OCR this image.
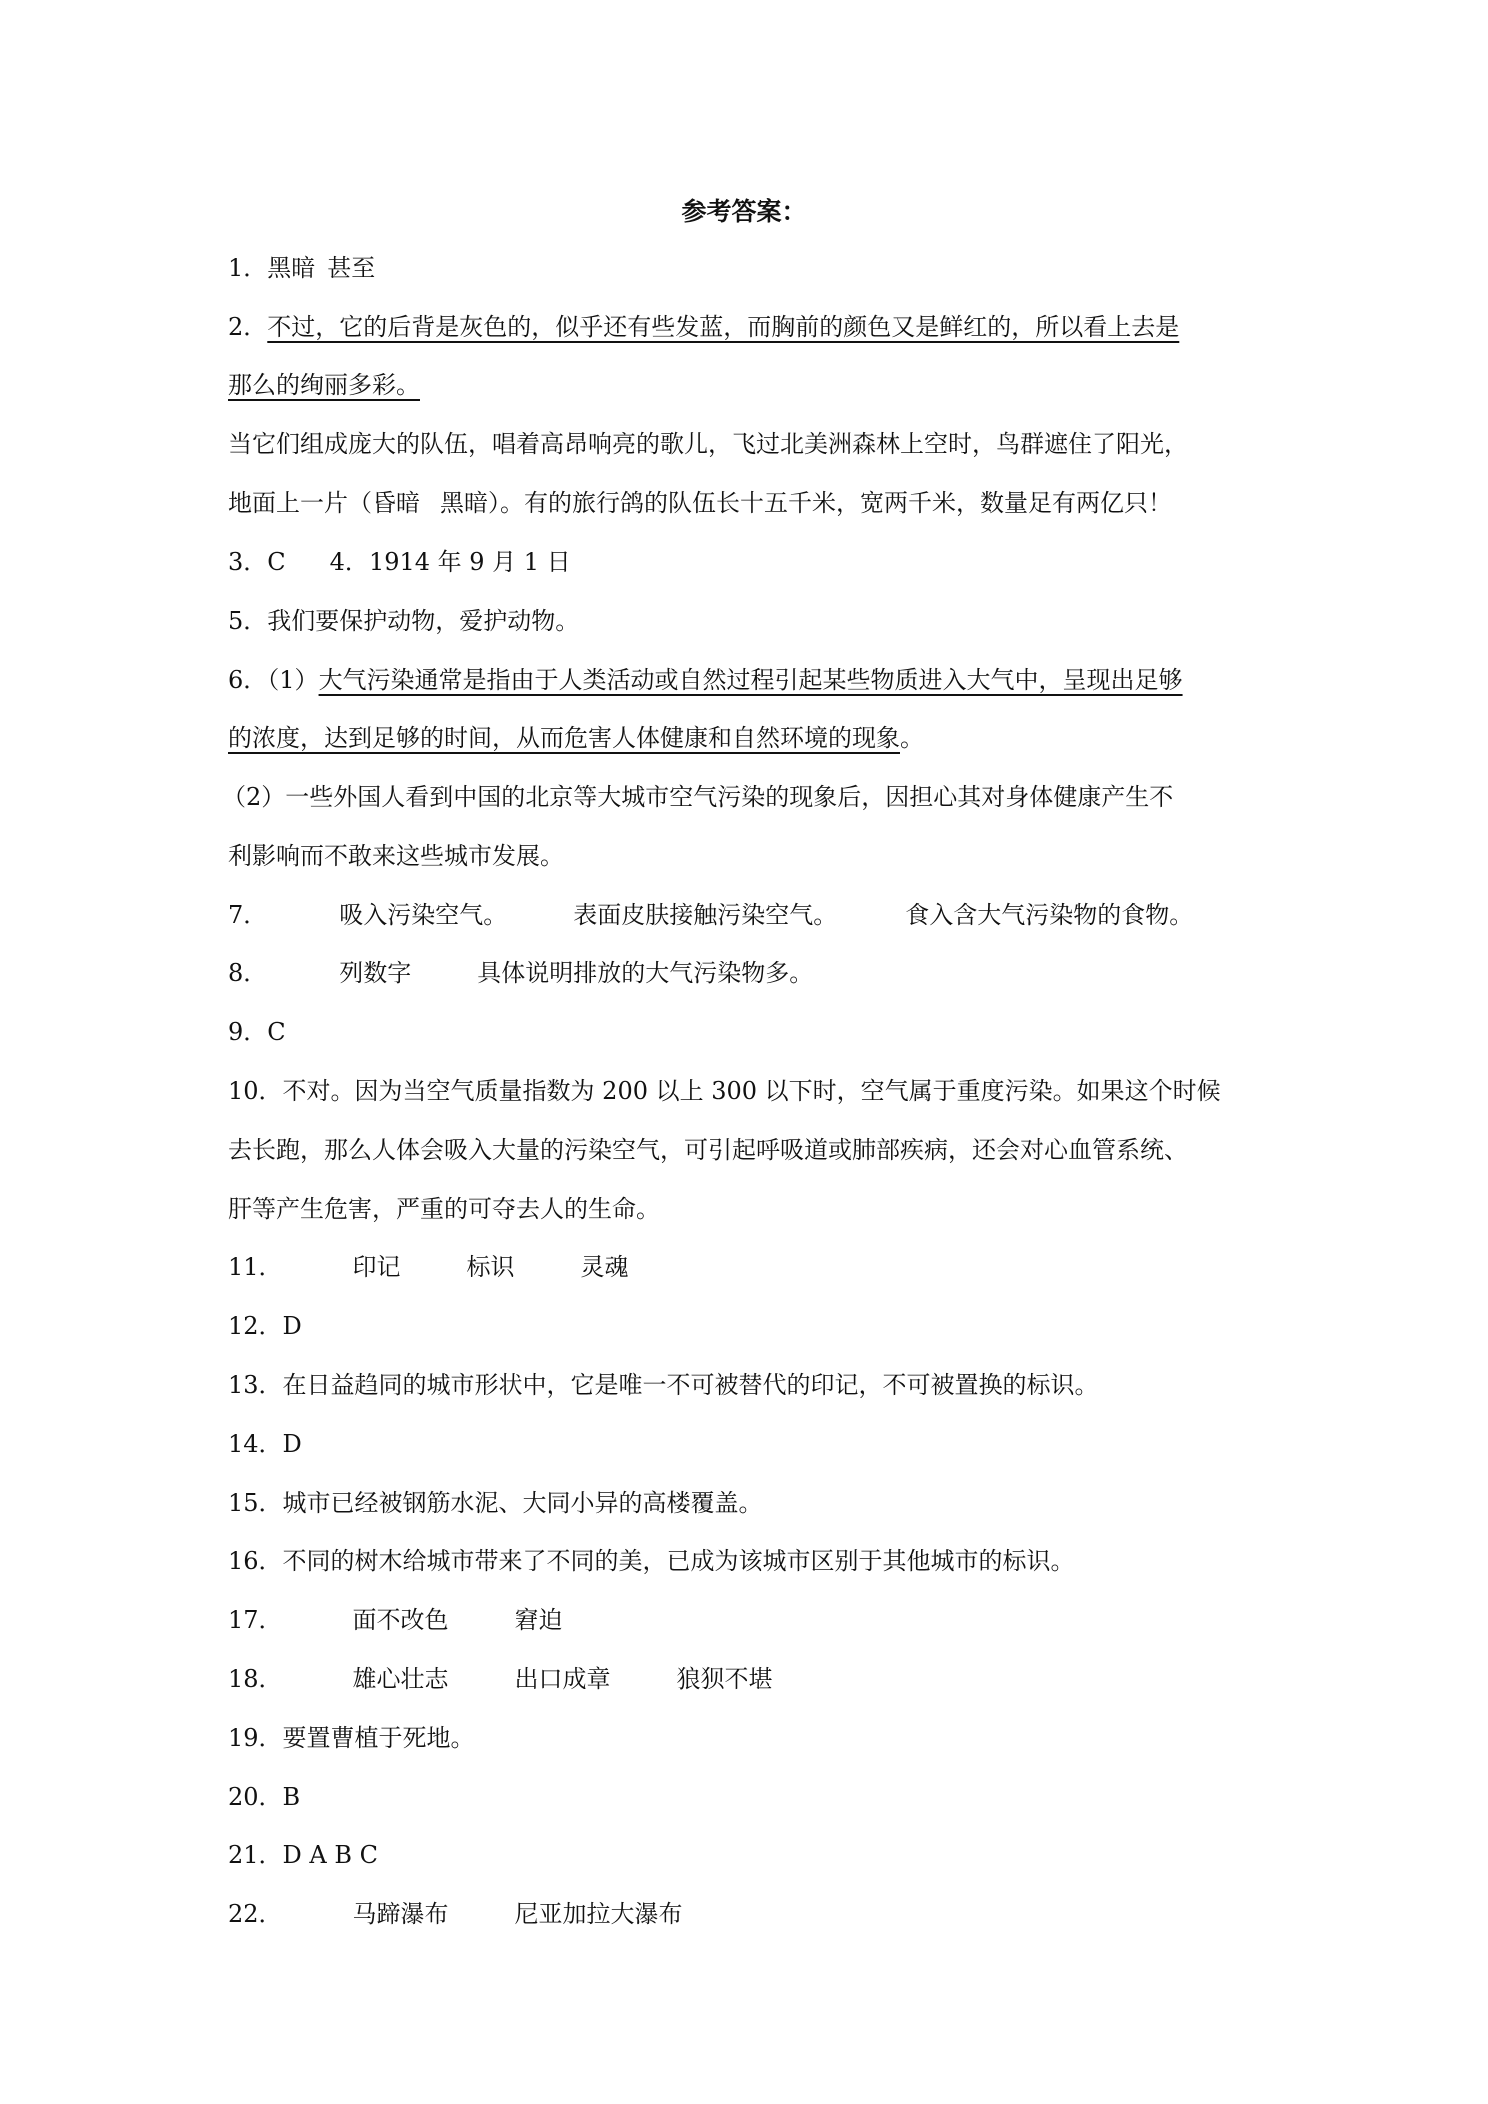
参考答案：
1．黑暗 甚至
2．不过，它的后背是灰色的，似乎还有些发蓝，而胸前的颜色又是鲜红的，所以看上去是
那么的绚丽多彩。
当它们组成庞大的队伍，唱着高昂响亮的歌儿，飞过北美洲森林上空时，鸟群遮住了阳光，
地面上一片（昏暗 黑暗）。有的旅行鸽的队伍长十五千米，宽两千米，数量足有两亿只！
3．C 4．1914 年 9 月 1 日
5．我们要保护动物，爱护动物。
6．（1）大气污染通常是指由于人类活动或自然过程引起某些物质进入大气中，呈现出足够
的浓度，达到足够的时间，从而危害人体健康和自然环境的现象。
（2）一些外国人看到中国的北京等大城市空气污染的现象后，因担心其对身体健康产生不
利影响而不敢来这些城市发展。
7．	吸入污染空气。	表面皮肤接触污染空气。	食入含大气污染物的食物。
8．	列数字	具体说明排放的大气污染物多。
9．C
10．不对。因为当空气质量指数为 200 以上 300 以下时，空气属于重度污染。如果这个时候
去长跑，那么人体会吸入大量的污染空气，可引起呼吸道或肺部疾病，还会对心血管系统、
肝等产生危害，严重的可夺去人的生命。
11．	印记	标识	灵魂
12．D
13．在日益趋同的城市形状中，它是唯一不可被替代的印记，不可被置换的标识。
14．D
15．城市已经被钢筋水泥、大同小异的高楼覆盖。
16．不同的树木给城市带来了不同的美，已成为该城市区别于其他城市的标识。
17．	面不改色	窘迫
18．	雄心壮志	出口成章	狼狈不堪
19．要置曹植于死地。
20．B
21．D A B C
22．	马蹄瀑布	尼亚加拉大瀑布
